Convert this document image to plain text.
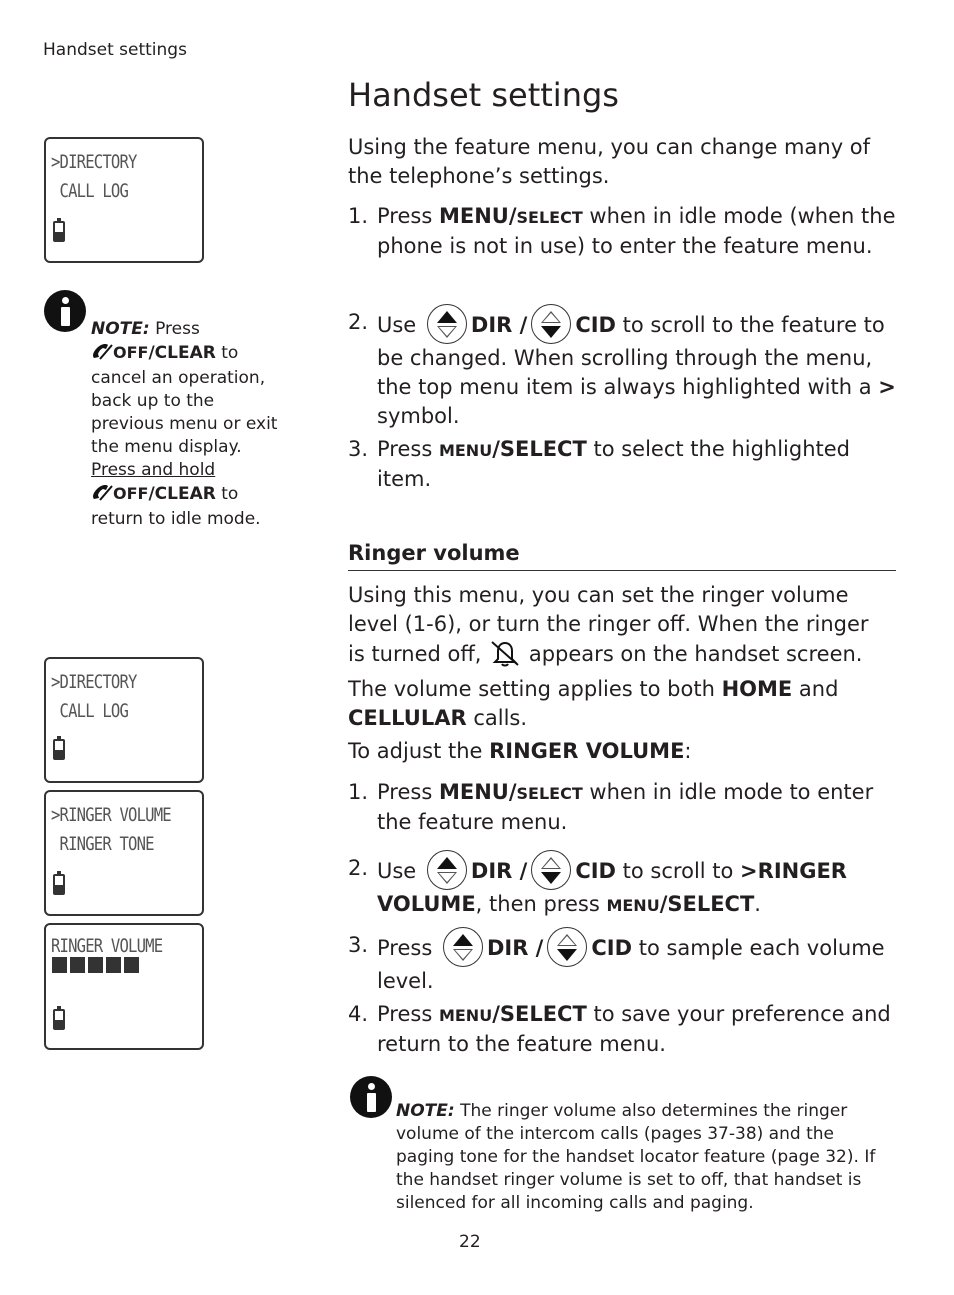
Handset settings
Handset settings
>DIRECTORY
CALL LOG
>DIRECTORY
CALL LOG
>RINGER VOLUME
RINGER TONE
RINGER VOLUME
NOTE: Press
OFF/CLEAR to cancel an operation, back up to the previous menu or exit the menu display.
Press and hold
OFF/CLEAR to return to idle mode.
Using the feature menu, you can change many of the telephone’s settings.
1. Press MENU/SELECT when in idle mode (when the phone is not in use) to enter the feature menu.
2. Use
DIR / CID to scroll to the feature to be changed. When scrolling through the menu, the top menu item is always highlighted with a > symbol.
3. Press MENU/SELECT to select the highlighted item.
Ringer volume
Using this menu, you can set the ringer volume level (1-6), or turn the ringer off. When the ringer is turned off,  appears on the handset screen. The volume setting applies to both HOME and CELLULAR calls.
To adjust the RINGER VOLUME:
1. Press MENU/SELECT when in idle mode to enter the feature menu.
2. Use
DIR / CID to scroll to >RINGER VOLUME, then press MENU/SELECT.
3. Press
DIR / CID to sample each volume level.
4. Press MENU/SELECT to save your preference and return to the feature menu.
NOTE: The ringer volume also determines the ringer volume of the intercom calls (pages 37-38) and the paging tone for the handset locator feature (page 32). If the handset ringer volume is set to off, that handset is silenced for all incoming calls and paging.
22
